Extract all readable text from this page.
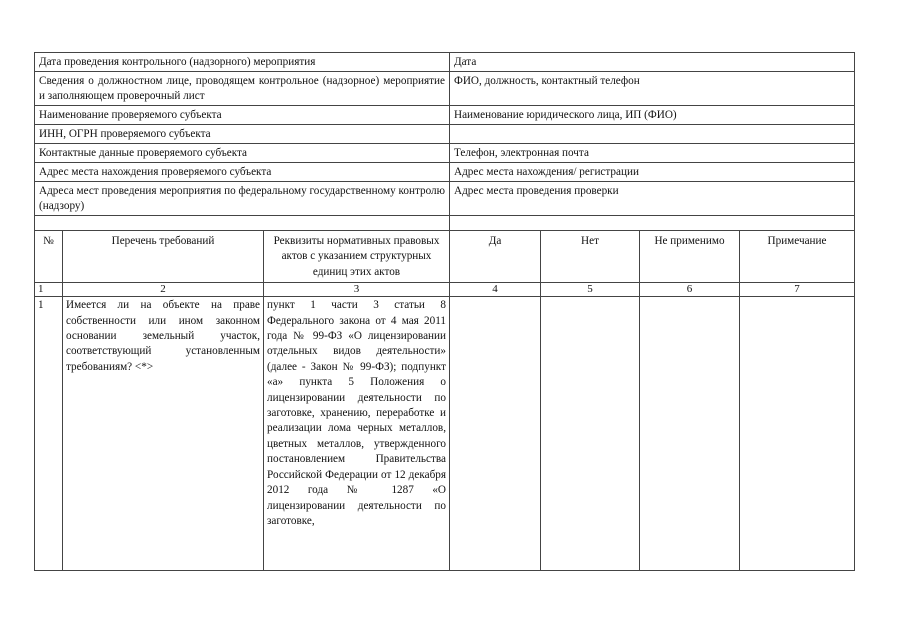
Дата проведения контрольного (надзорного) мероприятия	Дата
Сведения о должностном лице, проводящем контрольное (надзорное) мероприятие и заполняющем проверочный лист	ФИО, должность, контактный телефон
Наименование проверяемого субъекта	Наименование юридического лица, ИП (ФИО)
ИНН, ОГРН проверяемого субъекта	
Контактные данные проверяемого субъекта	Телефон, электронная почта
Адрес места нахождения проверяемого субъекта	Адрес места нахождения/ регистрации
Адреса мест проведения мероприятия по федеральному государственному контролю (надзору)	Адрес места проведения проверки

№	Перечень требований	Реквизиты нормативных правовых актов с указанием структурных единиц этих актов	Да	Нет	Не применимо	Примечание
1	2	3	4	5	6	7
1	Имеется ли на объекте на праве собственности или ином законном основании земельный участок, соответствующий установленным требованиям? <*>	пункт 1 части 3 статьи 8 Федерального закона от 4 мая 2011 года № 99-ФЗ «О лицензировании отдельных видов деятельности» (далее - Закон № 99-ФЗ); подпункт «а» пункта 5 Положения о лицензировании деятельности по заготовке, хранению, переработке и реализации лома черных металлов, цветных металлов, утвержденного постановлением Правительства Российской Федерации от 12 декабря 2012 года № 1287 «О лицензировании деятельности по заготовке,				
